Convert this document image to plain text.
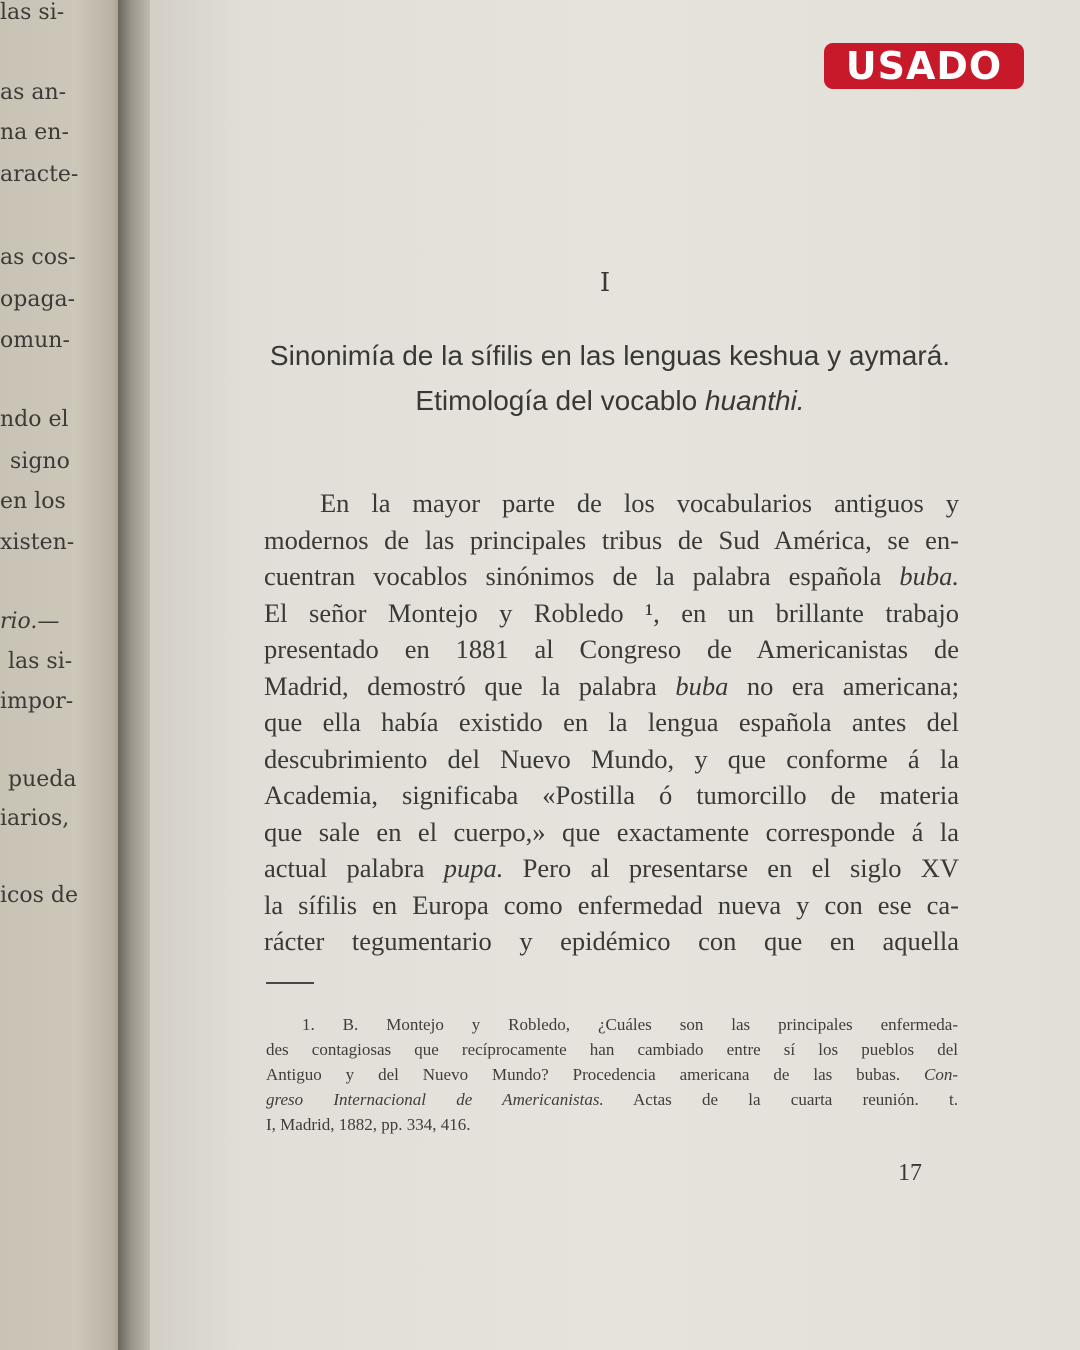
las si-
as an-
na en-
aracte-
as cos-
opaga-
omun-
ndo el
signo
en los
xisten-
rio.—
las si-
impor-
pueda
iarios,
icos de
USADO
I
Sinonimía de la sífilis en las lenguas keshua y aymará.
Etimología del vocablo huanthi.
En la mayor parte de los vocabularios antiguos y
modernos de las principales tribus de Sud América, se en-
cuentran vocablos sinónimos de la palabra española buba.
El señor Montejo y Robledo ¹, en un brillante trabajo
presentado en 1881 al Congreso de Americanistas de
Madrid, demostró que la palabra buba no era americana;
que ella había existido en la lengua española antes del
descubrimiento del Nuevo Mundo, y que conforme á la
Academia, significaba «Postilla ó tumorcillo de materia
que sale en el cuerpo,» que exactamente corresponde á la
actual palabra pupa. Pero al presentarse en el siglo XV
la sífilis en Europa como enfermedad nueva y con ese ca-
rácter tegumentario y epidémico con que en aquella
1. B. Montejo y Robledo, ¿Cuáles son las principales enfermeda-
des contagiosas que recíprocamente han cambiado entre sí los pueblos del
Antiguo y del Nuevo Mundo? Procedencia americana de las bubas. Con-
greso Internacional de Americanistas. Actas de la cuarta reunión. t.
I, Madrid, 1882, pp. 334, 416.
17
